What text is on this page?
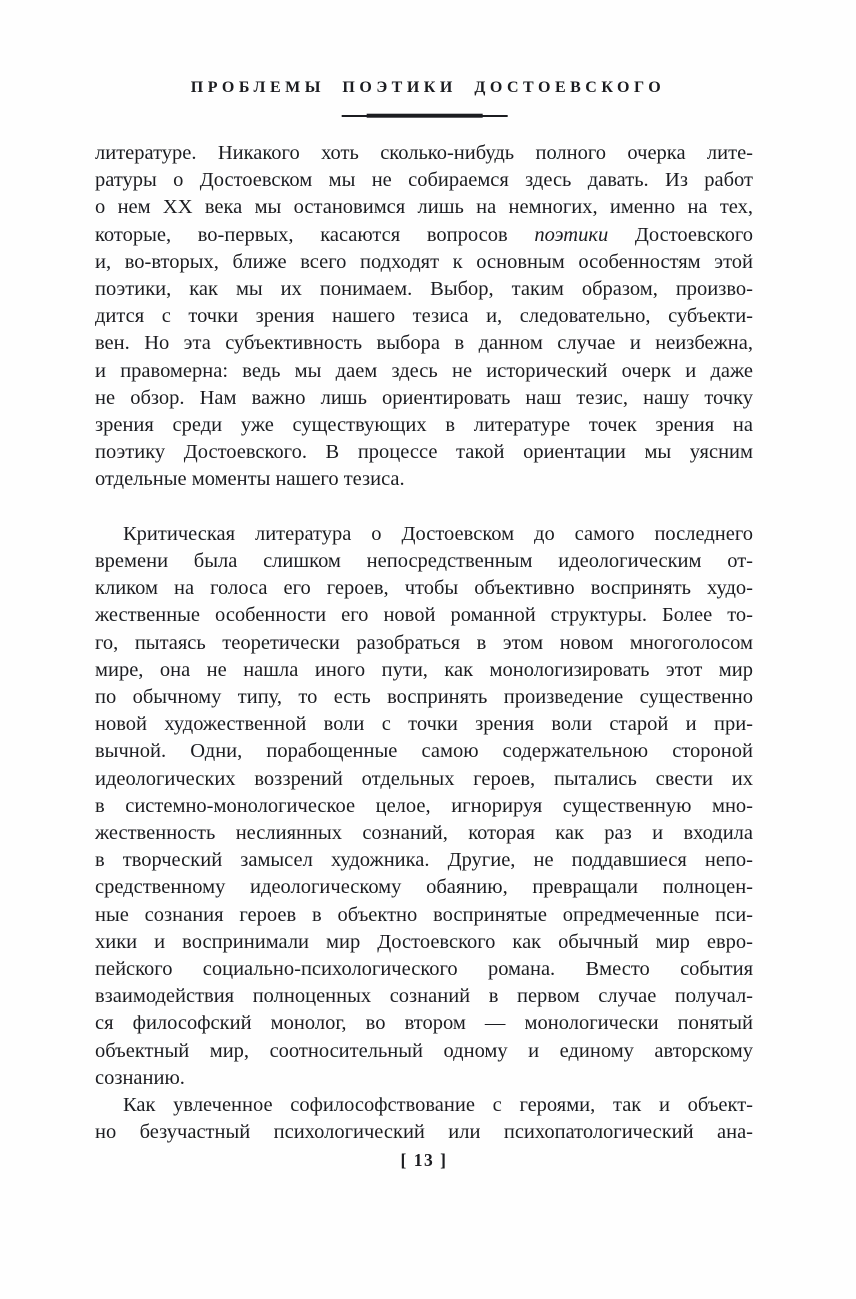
ПРОБЛЕМЫ ПОЭТИКИ ДОСТОЕВСКОГО
литературе. Никакого хоть сколько-нибудь полного очерка лите-
ратуры о Достоевском мы не собираемся здесь давать. Из работ
о нем XX века мы остановимся лишь на немногих, именно на тех,
которые, во-первых, касаются вопросов поэтики Достоевского
и, во-вторых, ближе всего подходят к основным особенностям этой
поэтики, как мы их понимаем. Выбор, таким образом, произво-
дится с точки зрения нашего тезиса и, следовательно, субъекти-
вен. Но эта субъективность выбора в данном случае и неизбежна,
и правомерна: ведь мы даем здесь не исторический очерк и даже
не обзор. Нам важно лишь ориентировать наш тезис, нашу точку
зрения среди уже существующих в литературе точек зрения на
поэтику Достоевского. В процессе такой ориентации мы уясним
отдельные моменты нашего тезиса.
Критическая литература о Достоевском до самого последнего
времени была слишком непосредственным идеологическим от-
кликом на голоса его героев, чтобы объективно воспринять худо-
жественные особенности его новой романной структуры. Более то-
го, пытаясь теоретически разобраться в этом новом многоголосом
мире, она не нашла иного пути, как монологизировать этот мир
по обычному типу, то есть воспринять произведение существенно
новой художественной воли с точки зрения воли старой и при-
вычной. Одни, порабощенные самою содержательною стороной
идеологических воззрений отдельных героев, пытались свести их
в системно-монологическое целое, игнорируя существенную мно-
жественность неслиянных сознаний, которая как раз и входила
в творческий замысел художника. Другие, не поддавшиеся непо-
средственному идеологическому обаянию, превращали полноцен-
ные сознания героев в объектно воспринятые опредмеченные пси-
хики и воспринимали мир Достоевского как обычный мир евро-
пейского социально-психологического романа. Вместо события
взаимодействия полноценных сознаний в первом случае получал-
ся философский монолог, во втором — монологически понятый
объектный мир, соотносительный одному и единому авторскому
сознанию.
Как увлеченное софилософствование с героями, так и объект-
но безучастный психологический или психопатологический ана-
[ 13 ]
